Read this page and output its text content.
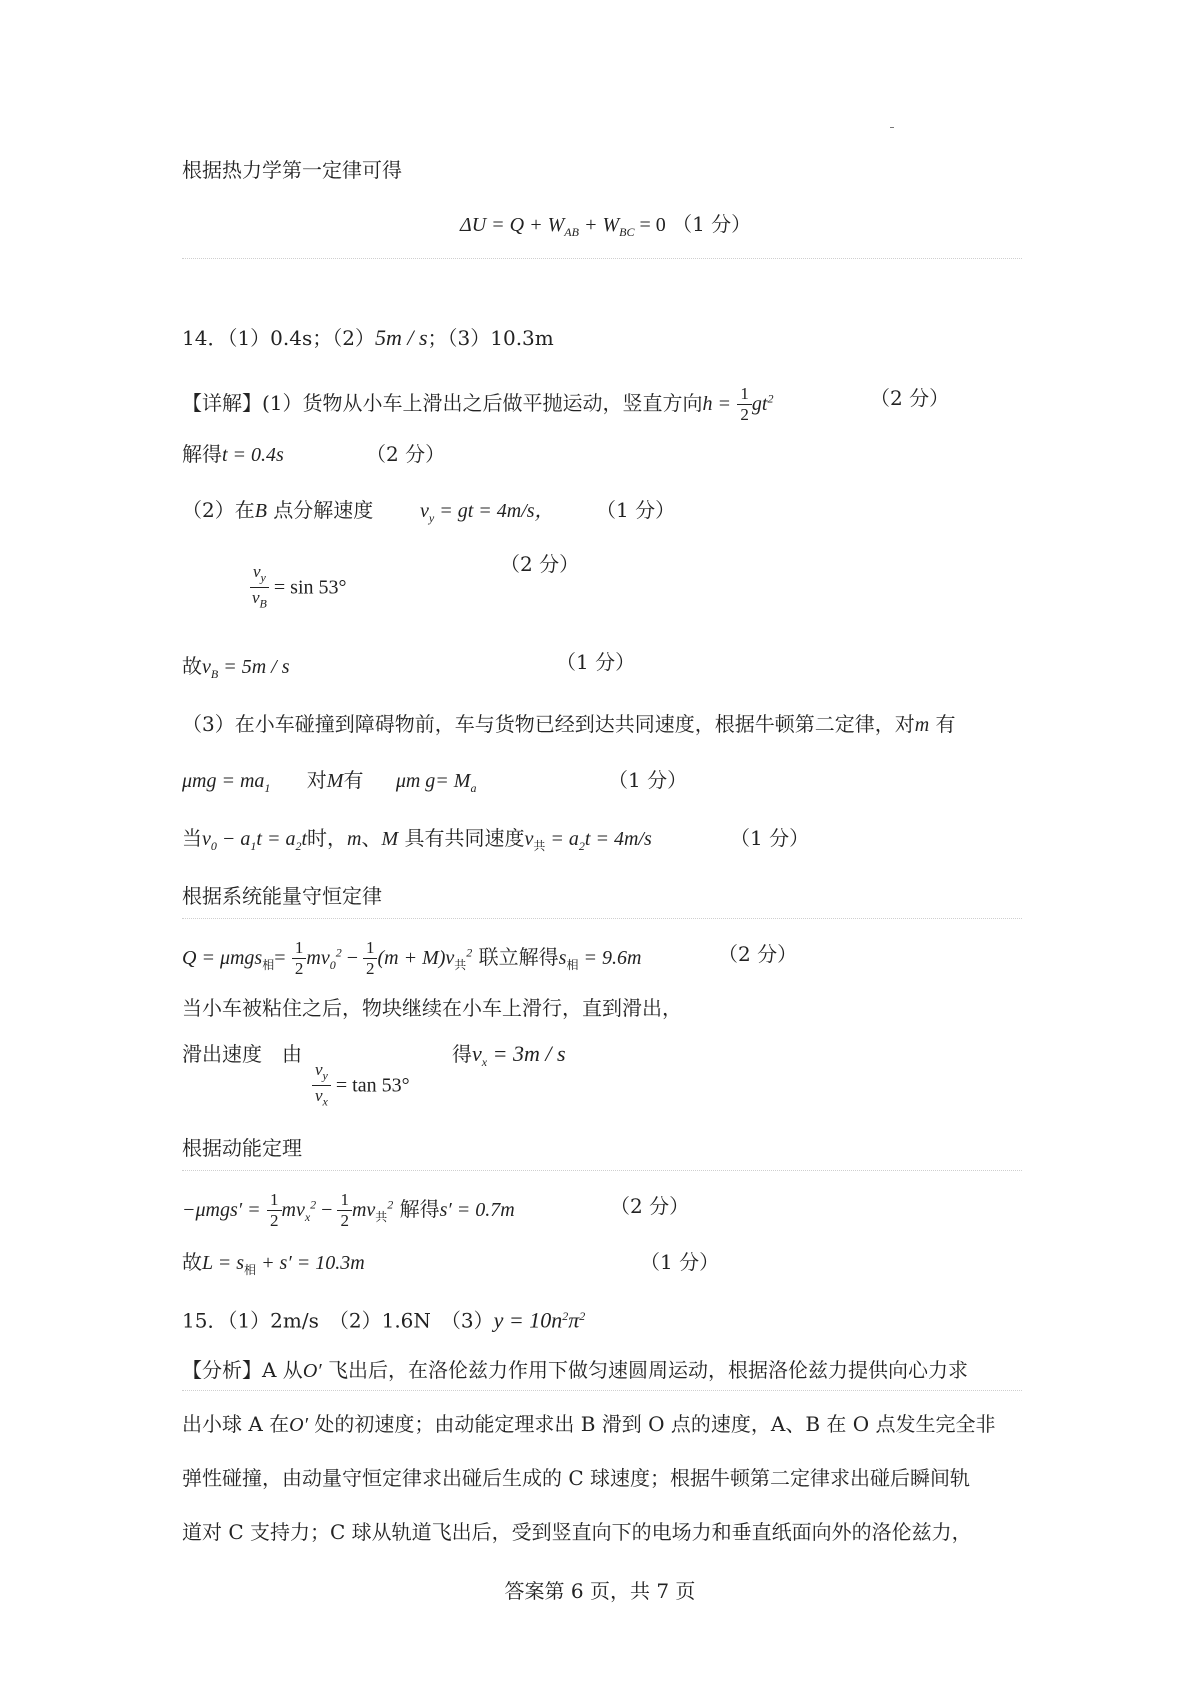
根据热力学第一定律可得
$\Delta U = Q + W_{AB} + W_{BC} = 0$ （1 分）
14．（1）0.4s；（2）5m / s；（3）10.3m
【详解】(1）货物从小车上滑出之后做平抛运动，竖直方向$h = \frac{1}{2} gt^2$	（2 分）
解得t = 0.4s	（2 分）
（2）在B 点分解速度 $v_y$ = gt = 4m/s， （1 分）
（2 分）
$\frac{v_y}{v_B} = \sin 53^\circ$
故$v_B = 5m / s$	（1 分）
（3）在小车碰撞到障碍物前，车与货物已经到达共同速度，根据牛顿第二定律，对m 有
$\mu mg = ma_1$ 对M有 μm $g= M_a$	（1 分）
当$v_0 - a_1t = a_2t$时，m、M 具有共同速度$v_共 = a_2t = 4m/s$	（1 分）
根据系统能量守恒定律
$Q = \mu mgs_相= \frac{1}{2} mv_0^2 - \frac{1}{2} (m + M)v_共^2$ 联立解得$s_相 = 9.6m$	（2 分）
当小车被粘住之后，物块继续在小车上滑行，直到滑出，
滑出速度　由
$\frac{v_y}{v_x} = \tan 53^\circ$
得$v_x = 3m / s$
根据动能定理
$-\mu mgs' = \frac{1}{2} mv_x^2 - \frac{1}{2} mv_共^2$ 解得s′ = 0.7m	（2 分）
故$L = s_相 + s' = 10.3m$	（1 分）
15．（1）2m/s　（2）1.6N　$(3)y = 10n^2\pi^2$
【分析】A 从O′ 飞出后，在洛伦兹力作用下做匀速圆周运动，根据洛伦兹力提供向心力求
出小球 A 在O′ 处的初速度；由动能定理求出 B 滑到 O 点的速度，A、B 在 O 点发生完全非
弹性碰撞，由动量守恒定律求出碰后生成的 C 球速度；根据牛顿第二定律求出碰后瞬间轨
道对 C 支持力；C 球从轨道飞出后，受到竖直向下的电场力和垂直纸面向外的洛伦兹力，
答案第 6 页，共 7 页
